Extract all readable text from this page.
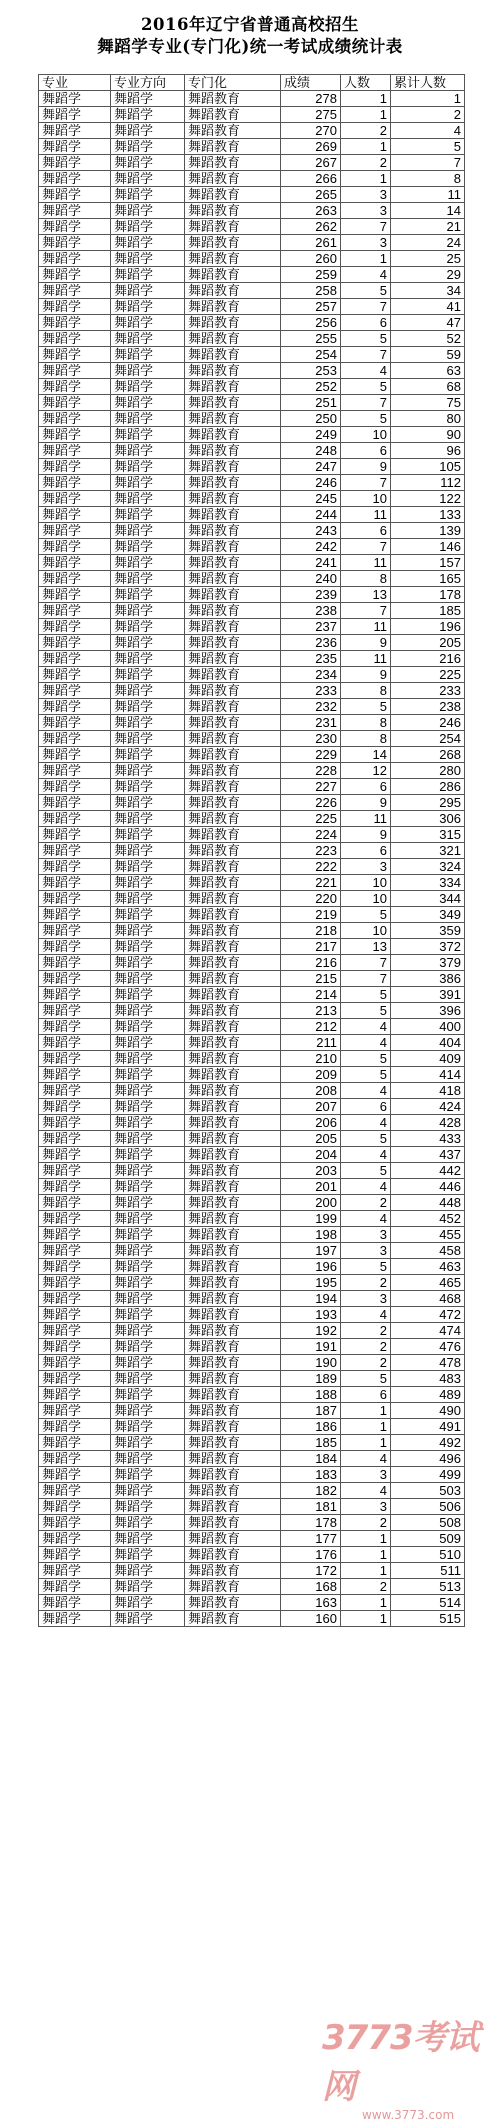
2016年辽宁省普通高校招生
舞蹈学专业(专门化)统一考试成绩统计表
专业	专业方向	专门化	成绩	人数	累计人数
舞蹈学	舞蹈学	舞蹈教育	278	1	1
舞蹈学	舞蹈学	舞蹈教育	275	1	2
舞蹈学	舞蹈学	舞蹈教育	270	2	4
舞蹈学	舞蹈学	舞蹈教育	269	1	5
舞蹈学	舞蹈学	舞蹈教育	267	2	7
舞蹈学	舞蹈学	舞蹈教育	266	1	8
舞蹈学	舞蹈学	舞蹈教育	265	3	11
舞蹈学	舞蹈学	舞蹈教育	263	3	14
舞蹈学	舞蹈学	舞蹈教育	262	7	21
舞蹈学	舞蹈学	舞蹈教育	261	3	24
舞蹈学	舞蹈学	舞蹈教育	260	1	25
舞蹈学	舞蹈学	舞蹈教育	259	4	29
舞蹈学	舞蹈学	舞蹈教育	258	5	34
舞蹈学	舞蹈学	舞蹈教育	257	7	41
舞蹈学	舞蹈学	舞蹈教育	256	6	47
舞蹈学	舞蹈学	舞蹈教育	255	5	52
舞蹈学	舞蹈学	舞蹈教育	254	7	59
舞蹈学	舞蹈学	舞蹈教育	253	4	63
舞蹈学	舞蹈学	舞蹈教育	252	5	68
舞蹈学	舞蹈学	舞蹈教育	251	7	75
舞蹈学	舞蹈学	舞蹈教育	250	5	80
舞蹈学	舞蹈学	舞蹈教育	249	10	90
舞蹈学	舞蹈学	舞蹈教育	248	6	96
舞蹈学	舞蹈学	舞蹈教育	247	9	105
舞蹈学	舞蹈学	舞蹈教育	246	7	112
舞蹈学	舞蹈学	舞蹈教育	245	10	122
舞蹈学	舞蹈学	舞蹈教育	244	11	133
舞蹈学	舞蹈学	舞蹈教育	243	6	139
舞蹈学	舞蹈学	舞蹈教育	242	7	146
舞蹈学	舞蹈学	舞蹈教育	241	11	157
舞蹈学	舞蹈学	舞蹈教育	240	8	165
舞蹈学	舞蹈学	舞蹈教育	239	13	178
舞蹈学	舞蹈学	舞蹈教育	238	7	185
舞蹈学	舞蹈学	舞蹈教育	237	11	196
舞蹈学	舞蹈学	舞蹈教育	236	9	205
舞蹈学	舞蹈学	舞蹈教育	235	11	216
舞蹈学	舞蹈学	舞蹈教育	234	9	225
舞蹈学	舞蹈学	舞蹈教育	233	8	233
舞蹈学	舞蹈学	舞蹈教育	232	5	238
舞蹈学	舞蹈学	舞蹈教育	231	8	246
舞蹈学	舞蹈学	舞蹈教育	230	8	254
舞蹈学	舞蹈学	舞蹈教育	229	14	268
舞蹈学	舞蹈学	舞蹈教育	228	12	280
舞蹈学	舞蹈学	舞蹈教育	227	6	286
舞蹈学	舞蹈学	舞蹈教育	226	9	295
舞蹈学	舞蹈学	舞蹈教育	225	11	306
舞蹈学	舞蹈学	舞蹈教育	224	9	315
舞蹈学	舞蹈学	舞蹈教育	223	6	321
舞蹈学	舞蹈学	舞蹈教育	222	3	324
舞蹈学	舞蹈学	舞蹈教育	221	10	334
舞蹈学	舞蹈学	舞蹈教育	220	10	344
舞蹈学	舞蹈学	舞蹈教育	219	5	349
舞蹈学	舞蹈学	舞蹈教育	218	10	359
舞蹈学	舞蹈学	舞蹈教育	217	13	372
舞蹈学	舞蹈学	舞蹈教育	216	7	379
舞蹈学	舞蹈学	舞蹈教育	215	7	386
舞蹈学	舞蹈学	舞蹈教育	214	5	391
舞蹈学	舞蹈学	舞蹈教育	213	5	396
舞蹈学	舞蹈学	舞蹈教育	212	4	400
舞蹈学	舞蹈学	舞蹈教育	211	4	404
舞蹈学	舞蹈学	舞蹈教育	210	5	409
舞蹈学	舞蹈学	舞蹈教育	209	5	414
舞蹈学	舞蹈学	舞蹈教育	208	4	418
舞蹈学	舞蹈学	舞蹈教育	207	6	424
舞蹈学	舞蹈学	舞蹈教育	206	4	428
舞蹈学	舞蹈学	舞蹈教育	205	5	433
舞蹈学	舞蹈学	舞蹈教育	204	4	437
舞蹈学	舞蹈学	舞蹈教育	203	5	442
舞蹈学	舞蹈学	舞蹈教育	201	4	446
舞蹈学	舞蹈学	舞蹈教育	200	2	448
舞蹈学	舞蹈学	舞蹈教育	199	4	452
舞蹈学	舞蹈学	舞蹈教育	198	3	455
舞蹈学	舞蹈学	舞蹈教育	197	3	458
舞蹈学	舞蹈学	舞蹈教育	196	5	463
舞蹈学	舞蹈学	舞蹈教育	195	2	465
舞蹈学	舞蹈学	舞蹈教育	194	3	468
舞蹈学	舞蹈学	舞蹈教育	193	4	472
舞蹈学	舞蹈学	舞蹈教育	192	2	474
舞蹈学	舞蹈学	舞蹈教育	191	2	476
舞蹈学	舞蹈学	舞蹈教育	190	2	478
舞蹈学	舞蹈学	舞蹈教育	189	5	483
舞蹈学	舞蹈学	舞蹈教育	188	6	489
舞蹈学	舞蹈学	舞蹈教育	187	1	490
舞蹈学	舞蹈学	舞蹈教育	186	1	491
舞蹈学	舞蹈学	舞蹈教育	185	1	492
舞蹈学	舞蹈学	舞蹈教育	184	4	496
舞蹈学	舞蹈学	舞蹈教育	183	3	499
舞蹈学	舞蹈学	舞蹈教育	182	4	503
舞蹈学	舞蹈学	舞蹈教育	181	3	506
舞蹈学	舞蹈学	舞蹈教育	178	2	508
舞蹈学	舞蹈学	舞蹈教育	177	1	509
舞蹈学	舞蹈学	舞蹈教育	176	1	510
舞蹈学	舞蹈学	舞蹈教育	172	1	511
舞蹈学	舞蹈学	舞蹈教育	168	2	513
舞蹈学	舞蹈学	舞蹈教育	163	1	514
舞蹈学	舞蹈学	舞蹈教育	160	1	515
3773考试网
www.3773.com
